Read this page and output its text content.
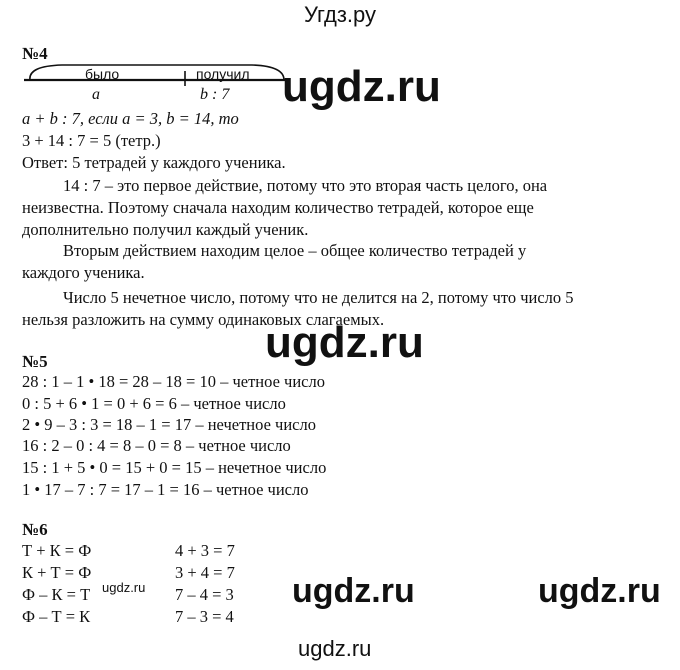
Угдз.ру
№4
было	получил
a	b : 7 ugdz.ru
a + b : 7, если a = 3, b = 14, то
3 + 14 : 7 = 5 (тетр.)
Ответ: 5 тетрадей у каждого ученика.
14 : 7 – это первое действие, потому что это вторая часть целого, она
неизвестна. Поэтому сначала находим количество тетрадей, которое еще
дополнительно получил каждый ученик.
Вторым действием находим целое – общее количество тетрадей у
каждого ученика.
Число 5 нечетное число, потому что не делится на 2, потому что число 5
нельзя разложить на сумму одинаковых слагаемых.
ugdz.ru
№5
28 : 1 – 1 • 18 = 28 – 18 = 10 – четное число
0 : 5 + 6 • 1 = 0 + 6 = 6 – четное число
2 • 9 – 3 : 3 = 18 – 1 = 17 – нечетное число
16 : 2 – 0 : 4 = 8 – 0 = 8 – четное число
15 : 1 + 5 • 0 = 15 + 0 = 15 – нечетное число
1 • 17 – 7 : 7 = 17 – 1 = 16 – четное число
№6
Т + К = Ф	4 + 3 = 7
К + Т = Ф	3 + 4 = 7
Ф – К = Т	7 – 4 = 3
Ф – Т = К	7 – 3 = 4
ugdz.ru	ugdz.ru	ugdz.ru
ugdz.ru
